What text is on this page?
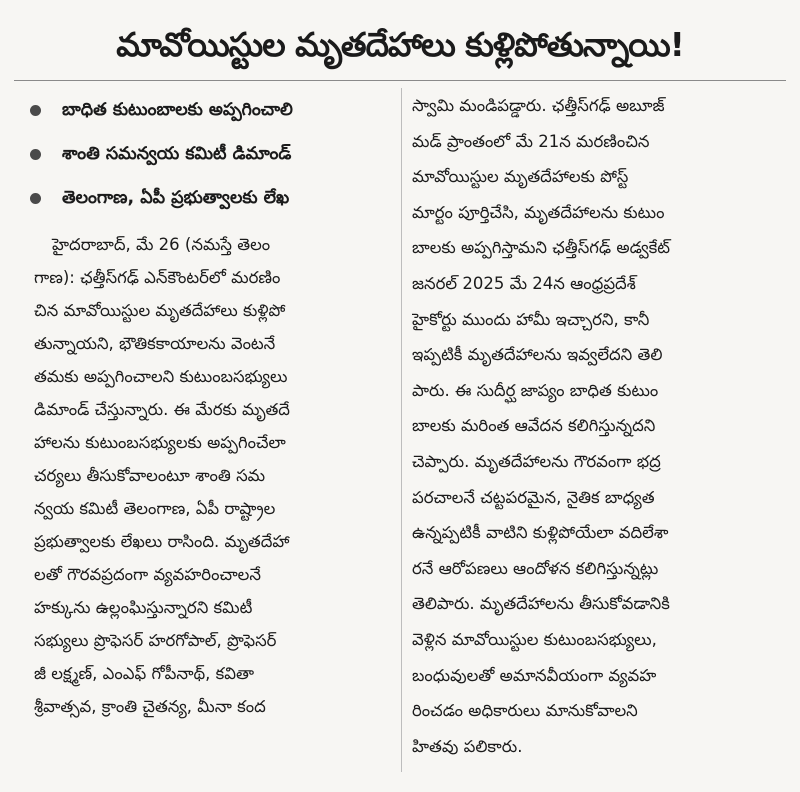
మావోయిస్టుల మృతదేహాలు కుళ్లిపోతున్నాయి!
బాధిత కుటుంబాలకు అప్పగించాలి
శాంతి సమన్వయ కమిటీ డిమాండ్
తెలంగాణ, ఏపీ ప్రభుత్వాలకు లేఖ
హైదరాబాద్, మే 26 (నమస్తే తెలం
గాణ): ఛత్తీస్‌గఢ్ ఎన్‌కౌంటర్‌లో మరణిం
చిన మావోయిస్టుల మృతదేహాలు కుళ్లిపో
తున్నాయని, భౌతికకాయాలను వెంటనే
తమకు అప్పగించాలని కుటుంబసభ్యులు
డిమాండ్ చేస్తున్నారు. ఈ మేరకు మృతదే
హాలను కుటుంబసభ్యులకు అప్పగించేలా
చర్యలు తీసుకోవాలంటూ శాంతి సమ
న్వయ కమిటీ తెలంగాణ, ఏపీ రాష్ట్రాల
ప్రభుత్వాలకు లేఖలు రాసింది. మృతదేహా
లతో గౌరవప్రదంగా వ్యవహరించాలనే
హక్కును ఉల్లంఘిస్తున్నారని కమిటీ
సభ్యులు ప్రొఫెసర్ హరగోపాల్, ప్రొఫెసర్
జీ లక్ష్మణ్, ఎంఎఫ్ గోపీనాథ్, కవితా
శ్రీవాత్సవ, క్రాంతి చైతన్య, మీనా కంద
స్వామి మండిపడ్డారు. ఛత్తీస్‌గఢ్ అబూజ్
మడ్ ప్రాంతంలో మే 21న మరణించిన
మావోయిస్టుల మృతదేహాలకు పోస్ట్
మార్టం పూర్తిచేసి, మృతదేహాలను కుటుం
బాలకు అప్పగిస్తామని ఛత్తీస్‌గఢ్ అడ్వకేట్
జనరల్ 2025 మే 24న ఆంధ్రప్రదేశ్
హైకోర్టు ముందు హామీ ఇచ్చారని, కానీ
ఇప్పటికీ మృతదేహాలను ఇవ్వలేదని తెలి
పారు. ఈ సుదీర్ఘ జాప్యం బాధిత కుటుం
బాలకు మరింత ఆవేదన కలిగిస్తున్నదని
చెప్పారు. మృతదేహాలను గౌరవంగా భద్ర
పరచాలనే చట్టపరమైన, నైతిక బాధ్యత
ఉన్నప్పటికీ వాటిని కుళ్లిపోయేలా వదిలేశా
రనే ఆరోపణలు ఆందోళన కలిగిస్తున్నట్లు
తెలిపారు. మృతదేహాలను తీసుకోవడానికి
వెళ్లిన మావోయిస్టుల కుటుంబసభ్యులు,
బంధువులతో అమానవీయంగా వ్యవహ
రించడం అధికారులు మానుకోవాలని
హితవు పలికారు.
